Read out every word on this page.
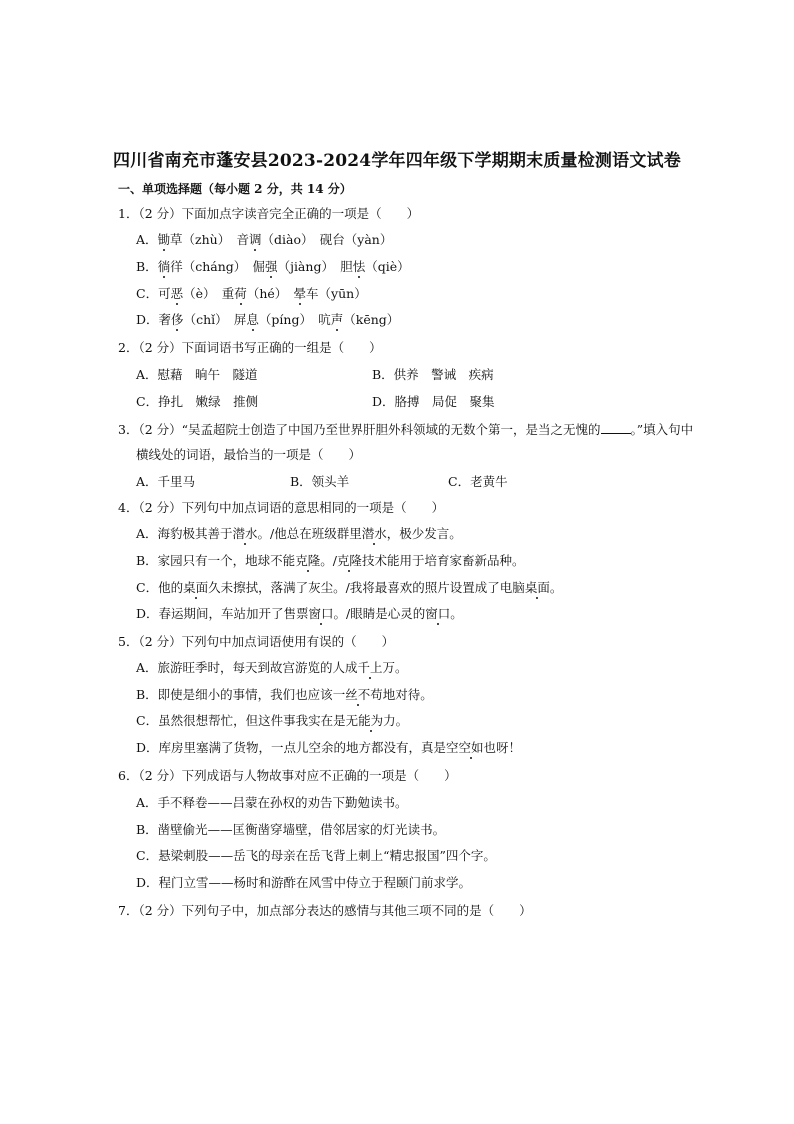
四川省南充市蓬安县2023-2024学年四年级下学期期末质量检测语文试卷
一、单项选择题（每小题 2 分，共 14 分）
1．（2 分）下面加点字读音完全正确的一项是（　　）
A．锄草（zhù）　 音调（diào）　 砚台（yàn）
B．徜徉（cháng）　 倔强（jiàng）　 胆怯（qiè）
C．可恶（è）　 重荷（hé）　 晕车（yūn）
D．奢侈（chǐ）　 屏息（píng）　 吭声（kēng）
2．（2 分）下面词语书写正确的一组是（　　）
A．慰藉　晌午　隧道	B．供养　警诫　疾病
C．挣扎　嫩绿　推侧	D．胳搏　局促　聚集
3．（2 分）“吴孟超院士创造了中国乃至世界肝胆外科领域的无数个第一，是当之无愧的 。”填入句中
横线处的词语，最恰当的一项是（　　）
A．千里马	B．领头羊	C．老黄牛
4．（2 分）下列句中加点词语的意思相同的一项是（　　）
A．海豹极其善于潜水。/他总在班级群里潜水，极少发言。
B．家园只有一个，地球不能克隆。/克隆技术能用于培育家畜新品种。
C．他的桌面久未擦拭，落满了灰尘。/我将最喜欢的照片设置成了电脑桌面。
D．春运期间，车站加开了售票窗口。/眼睛是心灵的窗口。
5．（2 分）下列句中加点词语使用有误的（　　）
A．旅游旺季时，每天到故宫游览的人成千上万。
B．即使是细小的事情，我们也应该一丝不苟地对待。
C．虽然很想帮忙，但这件事我实在是无能为力。
D．库房里塞满了货物，一点儿空余的地方都没有，真是空空如也呀！
6．（2 分）下列成语与人物故事对应不正确的一项是（　　）
A．手不释卷——吕蒙在孙权的劝告下勤勉读书。
B．凿壁偷光——匡衡凿穿墙壁，借邻居家的灯光读书。
C．悬梁刺股——岳飞的母亲在岳飞背上刺上“精忠报国”四个字。
D．程门立雪——杨时和游酢在风雪中侍立于程颐门前求学。
7．（2 分）下列句子中，加点部分表达的感情与其他三项不同的是（　　）
